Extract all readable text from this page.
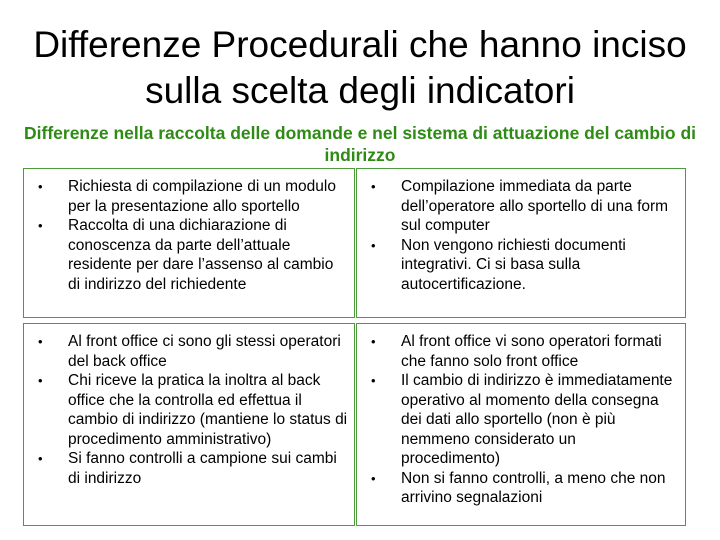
Differenze Procedurali che hanno inciso sulla scelta degli indicatori
Differenze nella raccolta delle domande e nel sistema di attuazione del cambio di indirizzo
• Richiesta di compilazione di un modulo per la presentazione allo sportello
• Raccolta di una dichiarazione di conoscenza da parte dell’attuale residente per dare l’assenso al cambio di indirizzo del richiedente
• Compilazione immediata da parte dell’operatore allo sportello di una form sul computer
• Non vengono richiesti documenti integrativi. Ci si basa sulla autocertificazione.
• Al front office ci sono gli stessi operatori del back office
• Chi riceve la pratica la inoltra al back office che la controlla ed effettua il cambio di indirizzo (mantiene lo status di procedimento amministrativo)
• Si fanno controlli a campione sui cambi di indirizzo
• Al front office vi sono operatori formati che fanno solo front office
• Il cambio di indirizzo è immediatamente operativo al momento della consegna dei dati allo sportello (non è più nemmeno considerato un procedimento)
• Non si fanno controlli, a meno che non arrivino segnalazioni
